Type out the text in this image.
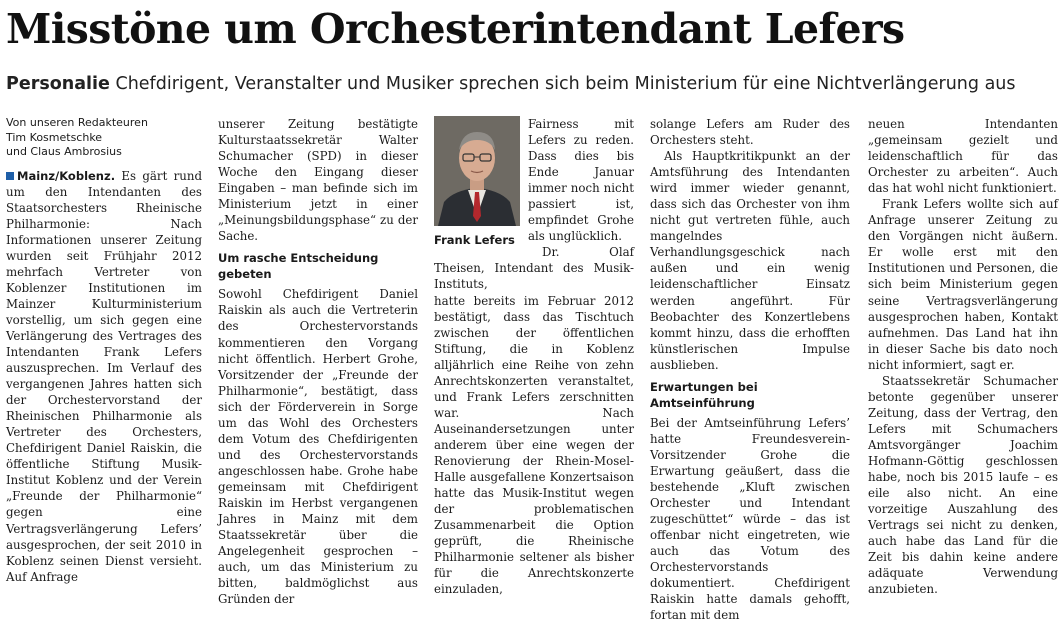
Misstöne um Orchesterintendant Lefers
Personalie Chefdirigent, Veranstalter und Musiker sprechen sich beim Ministerium für eine Nichtverlängerung aus
Von unseren Redakteuren
Tim Kosmetschke
und Claus Ambrosius

Mainz/Koblenz. Es gärt rund um den Intendanten des Staatsorchesters Rheinische Philharmonie: Nach Informationen unserer Zeitung wurden seit Frühjahr 2012 mehrfach Vertreter von Koblenzer Institutionen im Mainzer Kulturministerium vorstellig, um sich gegen eine Verlängerung des Vertrages des Intendanten Frank Lefers auszusprechen. Im Verlauf des vergangenen Jahres hatten sich der Orchestervorstand der Rheinischen Philharmonie als Vertreter des Orchesters, Chefdirigent Daniel Raiskin, die öffentliche Stiftung Musik-Institut Koblenz und der Verein „Freunde der Philharmonie“ gegen eine Vertragsverlängerung Lefers’ ausgesprochen, der seit 2010 in Koblenz seinen Dienst versieht. Auf Anfrage

unserer Zeitung bestätigte Kulturstaatssekretär Walter Schumacher (SPD) in dieser Woche den Eingang dieser Eingaben – man befinde sich im Ministerium jetzt in einer „Meinungsbildungsphase“ zu der Sache.

Um rasche Entscheidung gebeten

Sowohl Chefdirigent Daniel Raiskin als auch die Vertreterin des Orchestervorstands kommentieren den Vorgang nicht öffentlich. Herbert Grohe, Vorsitzender der „Freunde der Philharmonie“, bestätigt, dass sich der Förderverein in Sorge um das Wohl des Orchesters dem Votum des Chefdirigenten und des Orchestervorstands angeschlossen habe. Grohe habe gemeinsam mit Chefdirigent Raiskin im Herbst vergangenen Jahres in Mainz mit dem Staatssekretär über die Angelegenheit gesprochen – auch, um das Ministerium zu bitten, baldmöglichst aus Gründen der

Frank Lefers

Fairness mit Lefers zu reden. Dass dies bis Ende Januar immer noch nicht passiert ist, empfindet Grohe als unglücklich.

Dr. Olaf Theisen, Intendant des Musik-Instituts,

hatte bereits im Februar 2012 bestätigt, dass das Tischtuch zwischen der öffentlichen Stiftung, die in Koblenz alljährlich eine Reihe von zehn Anrechtskonzerten veranstaltet, und Frank Lefers zerschnitten war. Nach Auseinandersetzungen unter anderem über eine wegen der Renovierung der Rhein-Mosel-Halle ausgefallene Konzertsaison hatte das Musik-Institut wegen der problematischen Zusammenarbeit die Option geprüft, die Rheinische Philharmonie seltener als bisher für die Anrechtskonzerte einzuladen,

solange Lefers am Ruder des Orchesters steht.

Als Hauptkritikpunkt an der Amtsführung des Intendanten wird immer wieder genannt, dass sich das Orchester von ihm nicht gut vertreten fühle, auch mangelndes Verhandlungsgeschick nach außen und ein wenig leidenschaftlicher Einsatz werden angeführt. Für Beobachter des Konzertlebens kommt hinzu, dass die erhofften künstlerischen Impulse ausblieben.

Erwartungen bei Amtseinführung

Bei der Amtseinführung Lefers’ hatte Freundesverein-Vorsitzender Grohe die Erwartung geäußert, dass die bestehende „Kluft zwischen Orchester und Intendant zugeschüttet“ würde – das ist offenbar nicht eingetreten, wie auch das Votum des Orchestervorstands dokumentiert. Chefdirigent Raiskin hatte damals gehofft, fortan mit dem

neuen Intendanten „gemeinsam gezielt und leidenschaftlich für das Orchester zu arbeiten“. Auch das hat wohl nicht funktioniert.

Frank Lefers wollte sich auf Anfrage unserer Zeitung zu den Vorgängen nicht äußern. Er wolle erst mit den Institutionen und Personen, die sich beim Ministerium gegen seine Vertragsverlängerung ausgesprochen haben, Kontakt aufnehmen. Das Land hat ihn in dieser Sache bis dato noch nicht informiert, sagt er.

Staatssekretär Schumacher betonte gegenüber unserer Zeitung, dass der Vertrag, den Lefers mit Schumachers Amtsvorgänger Joachim Hofmann-Göttig geschlossen habe, noch bis 2015 laufe – es eile also nicht. An eine vorzeitige Auszahlung des Vertrags sei nicht zu denken, auch habe das Land für die Zeit bis dahin keine andere adäquate Verwendung anzubieten.
